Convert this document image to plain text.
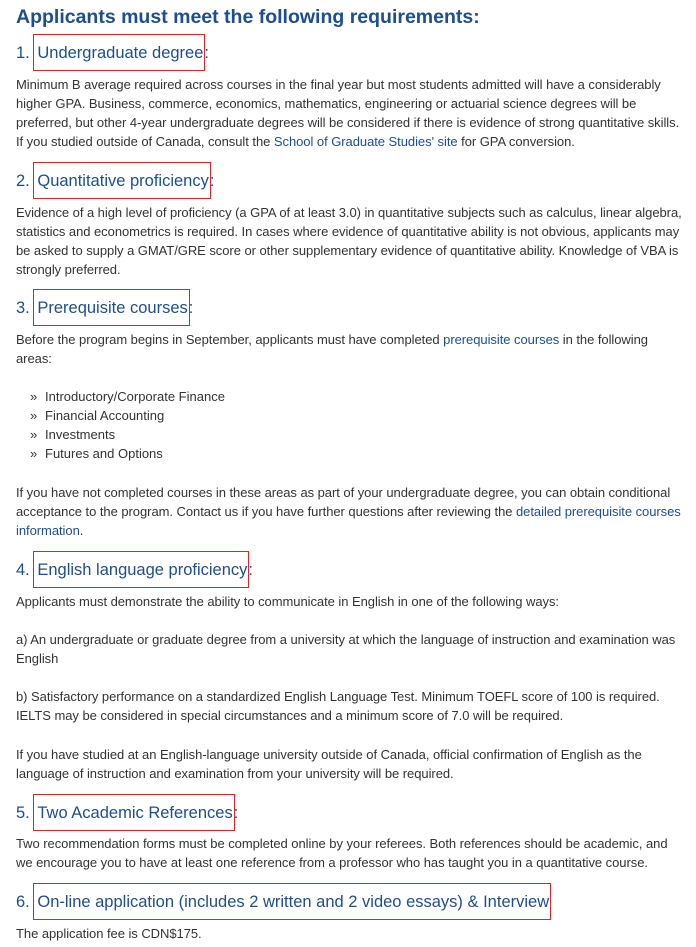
Applicants must meet the following requirements:
1. Undergraduate degree:

Minimum B average required across courses in the final year but most students admitted will have a considerably higher GPA. Business, commerce, economics, mathematics, engineering or actuarial science degrees will be preferred, but other 4-year undergraduate degrees will be considered if there is evidence of strong quantitative skills. If you studied outside of Canada, consult the School of Graduate Studies' site for GPA conversion.

2. Quantitative proficiency:

Evidence of a high level of proficiency (a GPA of at least 3.0) in quantitative subjects such as calculus, linear algebra, statistics and econometrics is required. In cases where evidence of quantitative ability is not obvious, applicants may be asked to supply a GMAT/GRE score or other supplementary evidence of quantitative ability. Knowledge of VBA is strongly preferred.

3. Prerequisite courses:

Before the program begins in September, applicants must have completed prerequisite courses in the following areas:

» Introductory/Corporate Finance
» Financial Accounting
» Investments
» Futures and Options

If you have not completed courses in these areas as part of your undergraduate degree, you can obtain conditional acceptance to the program. Contact us if you have further questions after reviewing the detailed prerequisite courses information.

4. English language proficiency:

Applicants must demonstrate the ability to communicate in English in one of the following ways:

a) An undergraduate or graduate degree from a university at which the language of instruction and examination was English

b) Satisfactory performance on a standardized English Language Test. Minimum TOEFL score of 100 is required. IELTS may be considered in special circumstances and a minimum score of 7.0 will be required.

If you have studied at an English-language university outside of Canada, official confirmation of English as the language of instruction and examination from your university will be required.

5. Two Academic References:

Two recommendation forms must be completed online by your referees. Both references should be academic, and we encourage you to have at least one reference from a professor who has taught you in a quantitative course.

6. On-line application (includes 2 written and 2 video essays) & Interview

The application fee is CDN$175.
